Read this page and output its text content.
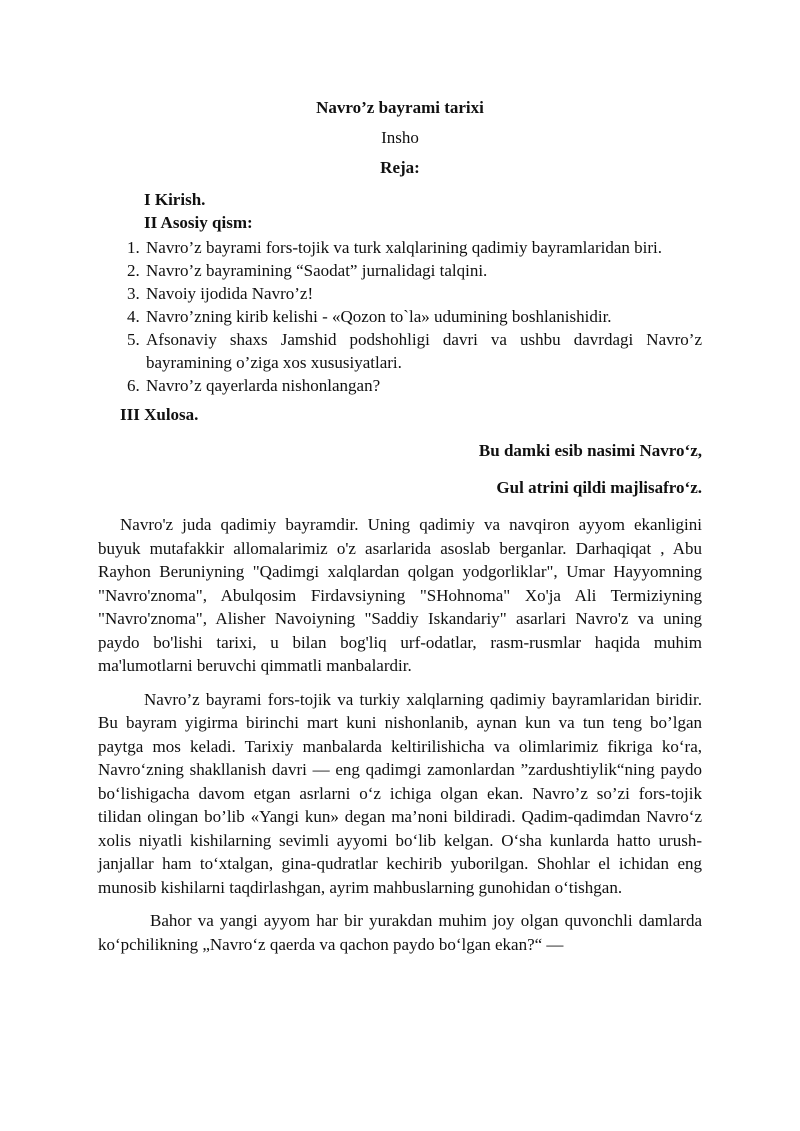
Navro’z bayrami tarixi
Insho
Reja:
I Kirish.
II Asosiy qism:
1. Navro’z bayrami fors-tojik va turk xalqlarining qadimiy bayramlaridan biri.
2. Navro’z bayramining “Saodat” jurnalidagi talqini.
3. Navoiy ijodida Navro’z!
4. Navro’zning kirib kelishi - «Qozon to`la» udumining boshlanishidir.
5. Afsonaviy shaxs Jamshid podshohligi davri va ushbu davrdagi Navro’z bayramining o’ziga xos xususiyatlari.
6. Navro’z qayerlarda nishonlangan?
III Xulosa.
Bu damki esib nasimi Navro‘z,
Gul atrini qildi majlisafro‘z.

Navro'z juda qadimiy bayramdir. Uning qadimiy va navqiron ayyom ekanligini buyuk mutafakkir allomalarimiz o'z asarlarida asoslab berganlar. Darhaqiqat , Abu Rayhon Beruniyning "Qadimgi xalqlardan qolgan yodgorliklar", Umar Hayyomning "Navro'znoma", Abulqosim Firdavsiyning "SHohnoma" Xo'ja Ali Termiziyning "Navro'znoma", Alisher Navoiyning "Saddiy Iskandariy" asarlari Navro'z va uning paydo bo'lishi tarixi, u bilan bog'liq urf-odatlar, rasm-rusmlar haqida muhim ma'lumotlarni beruvchi qimmatli manbalardir.

Navro’z bayrami fors-tojik va turkiy xalqlarning qadimiy bayramlaridan biridir. Bu bayram yigirma birinchi mart kuni nishonlanib, aynan kun va tun teng bo’lgan paytga mos keladi. Tarixiy manbalarda keltirilishicha va olimlarimiz fikriga ko‘ra, Navro‘zning shakllanish davri — eng qadimgi zamonlardan ”zardushtiylik“ning paydo bo‘lishigacha davom etgan asrlarni o‘z ichiga olgan ekan. Navro’z so’zi fors-tojik tilidan olingan bo’lib «Yangi kun» degan ma’noni bildiradi. Qadim-qadimdan Navro‘z xolis niyatli kishilarning sevimli ayyomi bo‘lib kelgan. O‘sha kunlarda hatto urush-janjallar ham to‘xtalgan, gina-qudratlar kechirib yuborilgan. Shohlar el ichidan eng munosib kishilarni taqdirlashgan, ayrim mahbuslarning gunohidan o‘tishgan.

Bahor va yangi ayyom har bir yurakdan muhim joy olgan quvonchli damlarda ko‘pchilikning „Navro‘z qaerda va qachon paydo bo‘lgan ekan?“ —
